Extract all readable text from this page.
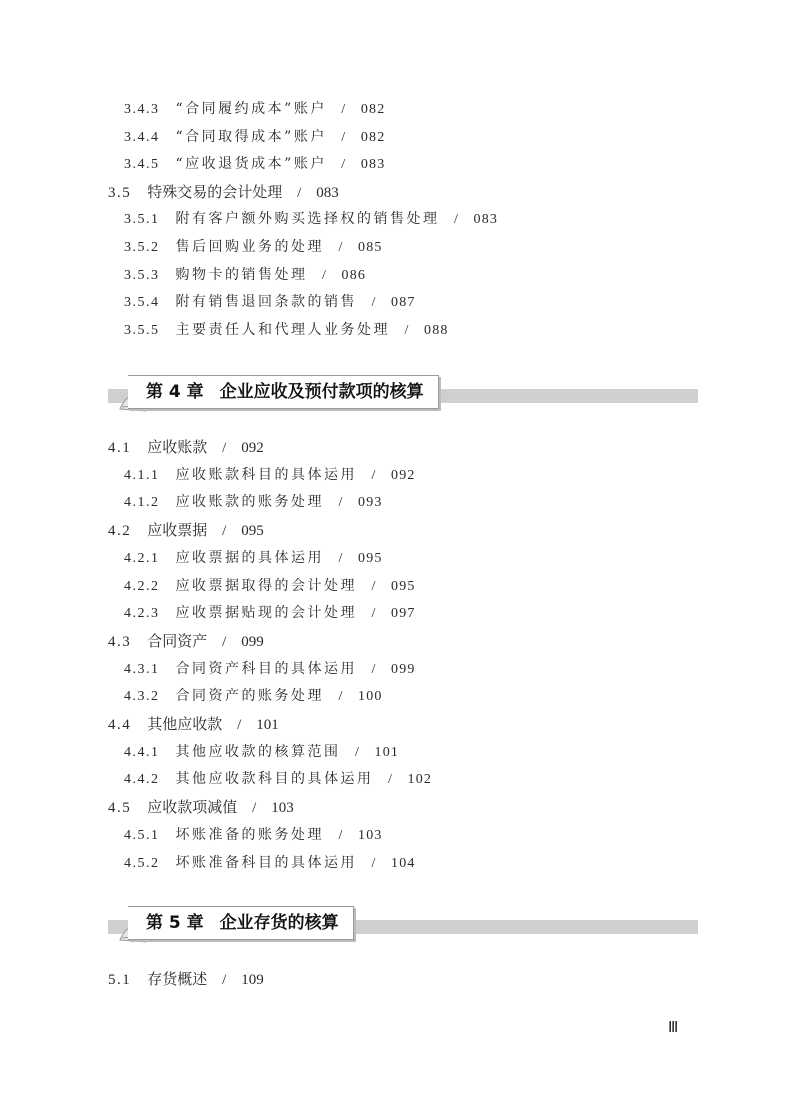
3.4.3 “合同履约成本”账户 / 082
3.4.4 “合同取得成本”账户 / 082
3.4.5 “应收退货成本”账户 / 083
3.5 特殊交易的会计处理 / 083
3.5.1 附有客户额外购买选择权的销售处理 / 083
3.5.2 售后回购业务的处理 / 085
3.5.3 购物卡的销售处理 / 086
3.5.4 附有销售退回条款的销售 / 087
3.5.5 主要责任人和代理人业务处理 / 088
第 4 章 企业应收及预付款项的核算
4.1 应收账款 / 092
4.1.1 应收账款科目的具体运用 / 092
4.1.2 应收账款的账务处理 / 093
4.2 应收票据 / 095
4.2.1 应收票据的具体运用 / 095
4.2.2 应收票据取得的会计处理 / 095
4.2.3 应收票据贴现的会计处理 / 097
4.3 合同资产 / 099
4.3.1 合同资产科目的具体运用 / 099
4.3.2 合同资产的账务处理 / 100
4.4 其他应收款 / 101
4.4.1 其他应收款的核算范围 / 101
4.4.2 其他应收款科目的具体运用 / 102
4.5 应收款项减值 / 103
4.5.1 坏账准备的账务处理 / 103
4.5.2 坏账准备科目的具体运用 / 104
第 5 章 企业存货的核算
5.1 存货概述 / 109
Ⅲ
